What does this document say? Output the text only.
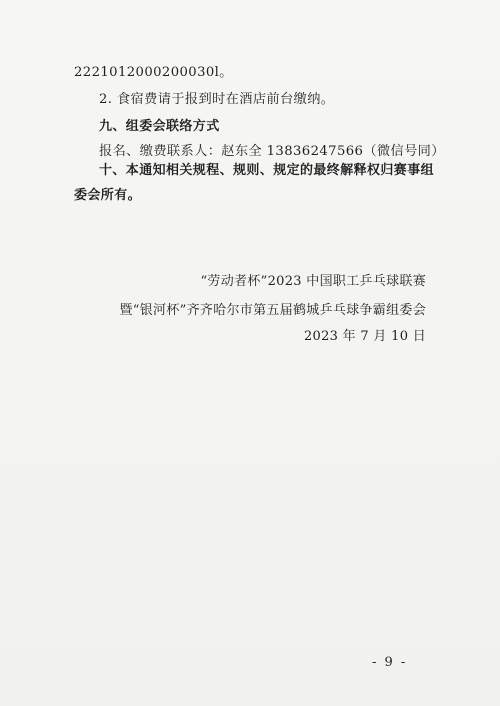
2221012000200030l。
2. 食宿费请于报到时在酒店前台缴纳。
九、组委会联络方式
报名、缴费联系人：赵东全 13836247566（微信号同）
十、本通知相关规程、规则、规定的最终解释权归赛事组
委会所有。
“劳动者杯”2023 中国职工乒乓球联赛
暨“银河杯”齐齐哈尔市第五届鹤城乒乓球争霸组委会
2023 年 7 月 10 日
- 9 -
